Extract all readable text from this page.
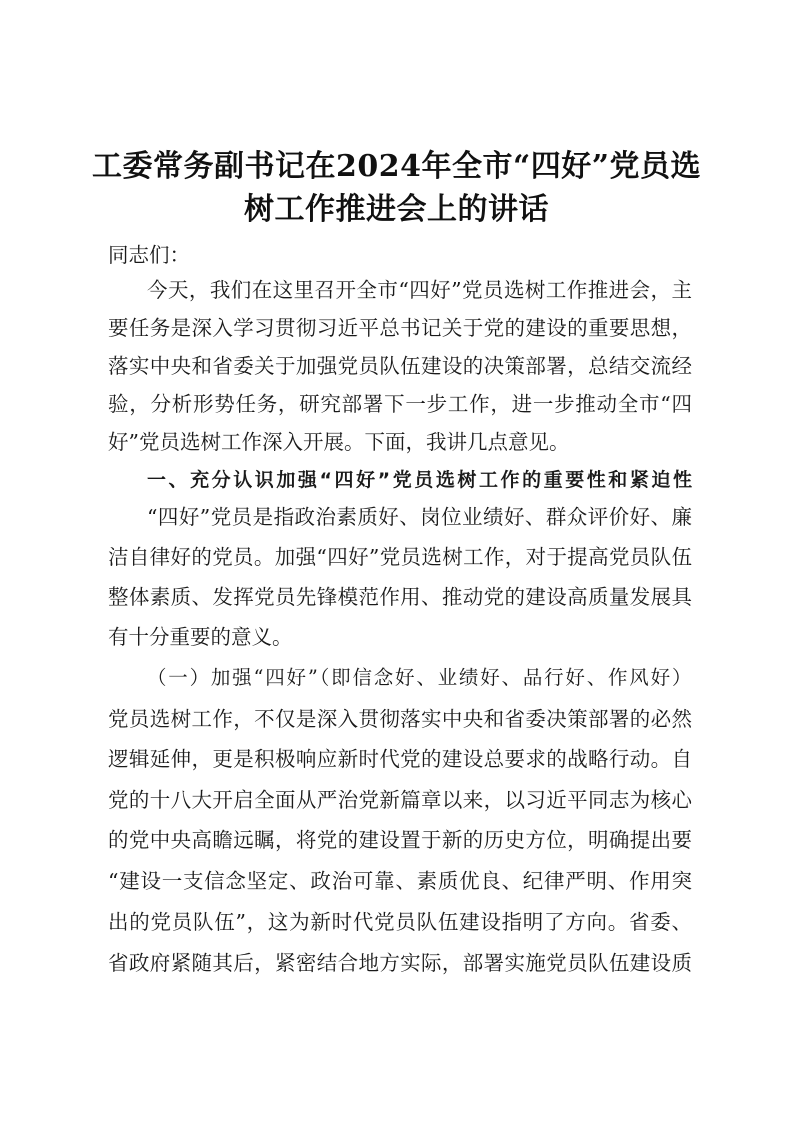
工委常务副书记在2024年全市“四好”党员选
树工作推进会上的讲话
同志们：
今天，我们在这里召开全市“四好”党员选树工作推进会，主
要任务是深入学习贯彻习近平总书记关于党的建设的重要思想，
落实中央和省委关于加强党员队伍建设的决策部署，总结交流经
验，分析形势任务，研究部署下一步工作，进一步推动全市“四
好”党员选树工作深入开展。下面，我讲几点意见。
一、充分认识加强“四好”党员选树工作的重要性和紧迫性
“四好”党员是指政治素质好、岗位业绩好、群众评价好、廉
洁自律好的党员。加强“四好”党员选树工作，对于提高党员队伍
整体素质、发挥党员先锋模范作用、推动党的建设高质量发展具
有十分重要的意义。
（一）加强“四好”（即信念好、业绩好、品行好、作风好）
党员选树工作，不仅是深入贯彻落实中央和省委决策部署的必然
逻辑延伸，更是积极响应新时代党的建设总要求的战略行动。自
党的十八大开启全面从严治党新篇章以来，以习近平同志为核心
的党中央高瞻远瞩，将党的建设置于新的历史方位，明确提出要
“建设一支信念坚定、政治可靠、素质优良、纪律严明、作用突
出的党员队伍”，这为新时代党员队伍建设指明了方向。省委、
省政府紧随其后，紧密结合地方实际，部署实施党员队伍建设质
